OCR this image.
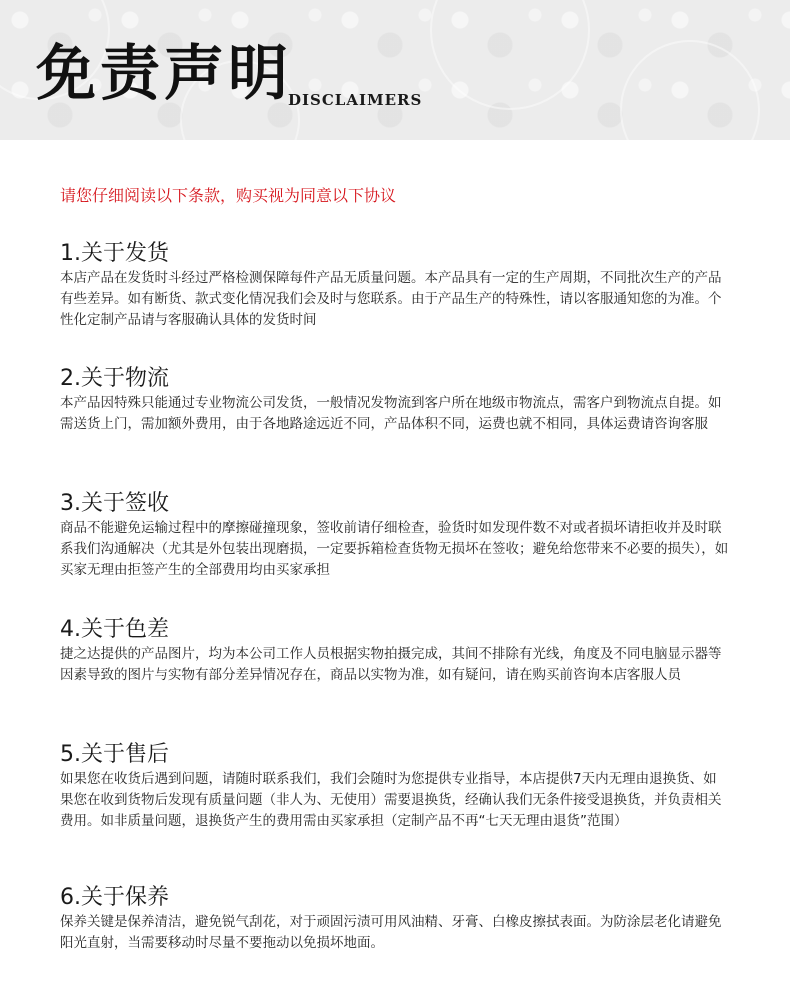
免责声明
DISCLAIMERS
请您仔细阅读以下条款，购买视为同意以下协议
1.关于发货

本店产品在发货时斗经过严格检测保障每件产品无质量问题。本产品具有一定的生产周期，不同批次生产的产品有些差异。如有断货、款式变化情况我们会及时与您联系。由于产品生产的特殊性，请以客服通知您的为准。个性化定制产品请与客服确认具体的发货时间

2.关于物流

本产品因特殊只能通过专业物流公司发货，一般情况发物流到客户所在地级市物流点，需客户到物流点自提。如需送货上门，需加额外费用，由于各地路途远近不同，产品体积不同，运费也就不相同，具体运费请咨询客服

3.关于签收

商品不能避免运输过程中的摩擦碰撞现象，签收前请仔细检查，验货时如发现件数不对或者损坏请拒收并及时联系我们沟通解决（尤其是外包装出现磨损，一定要拆箱检查货物无损坏在签收；避免给您带来不必要的损失），如买家无理由拒签产生的全部费用均由买家承担

4.关于色差

捷之达提供的产品图片，均为本公司工作人员根据实物拍摄完成，其间不排除有光线，角度及不同电脑显示器等因素导致的图片与实物有部分差异情况存在，商品以实物为准，如有疑问，请在购买前咨询本店客服人员

5.关于售后

如果您在收货后遇到问题，请随时联系我们，我们会随时为您提供专业指导，本店提供7天内无理由退换货、如果您在收到货物后发现有质量问题（非人为、无使用）需要退换货，经确认我们无条件接受退换货，并负责相关费用。如非质量问题，退换货产生的费用需由买家承担（定制产品不再“七天无理由退货”范围）

6.关于保养

保养关键是保养清洁，避免锐气刮花，对于顽固污渍可用风油精、牙膏、白橡皮擦拭表面。为防涂层老化请避免阳光直射，当需要移动时尽量不要拖动以免损坏地面。
